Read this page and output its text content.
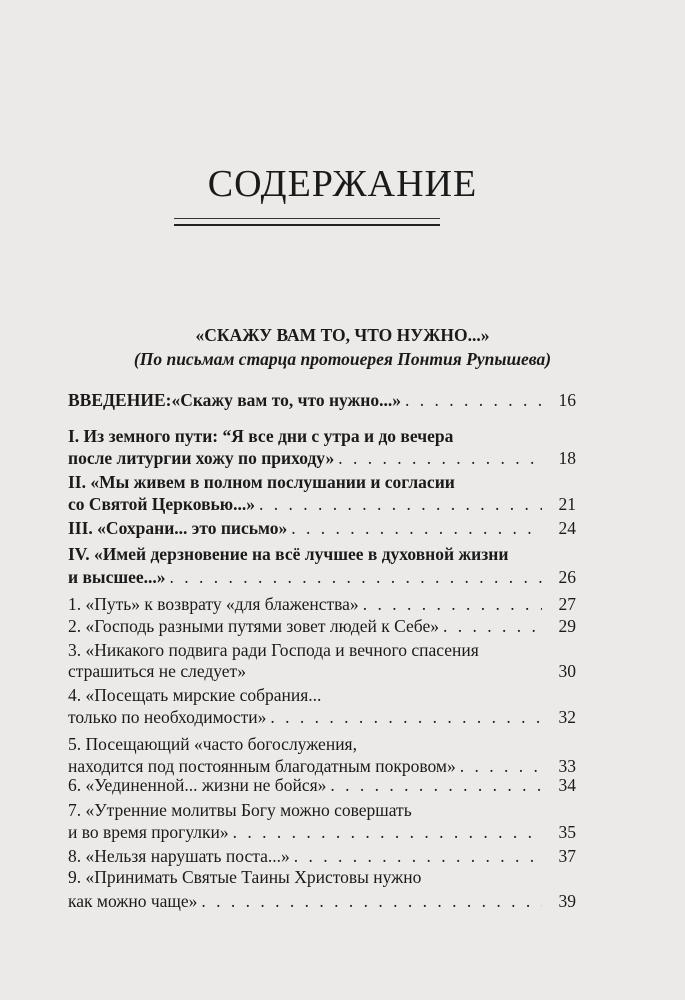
СОДЕРЖАНИЕ
«СКАЖУ ВАМ ТО, ЧТО НУЖНО...»
(По письмам старца протоиерея Понтия Рупышева)
ВВЕДЕНИЕ:«Скажу вам то, что нужно...» . . .	16
I. Из земного пути: “Я все дни с утра и до вечера
после литургии хожу по приходу» . . .	18
II. «Мы живем в полном послушании и согласии
со Святой Церковью...» . . .	21
III. «Сохрани... это письмо» . . .	24
IV. «Имей дерзновение на всё лучшее в духовной жизни
и высшее...» . . .	26
1. «Путь» к возврату «для блаженства» . . .	27
2. «Господь разными путями зовет людей к Себе» . . .	29
3. «Никакого подвига ради Господа и вечного спасения
страшиться не следует»	30
4. «Посещать мирские собрания...
только по необходимости» . . .	32
5. Посещающий «часто богослужения,
находится под постоянным благодатным покровом» . . .	33
6. «Уединенной... жизни не бойся» . . .	34
7. «Утренние молитвы Богу можно совершать
и во время прогулки» . . .	35
8. «Нельзя нарушать поста...» . . .	37
9. «Принимать Святые Таины Христовы нужно
как можно чаще» . . .	39
